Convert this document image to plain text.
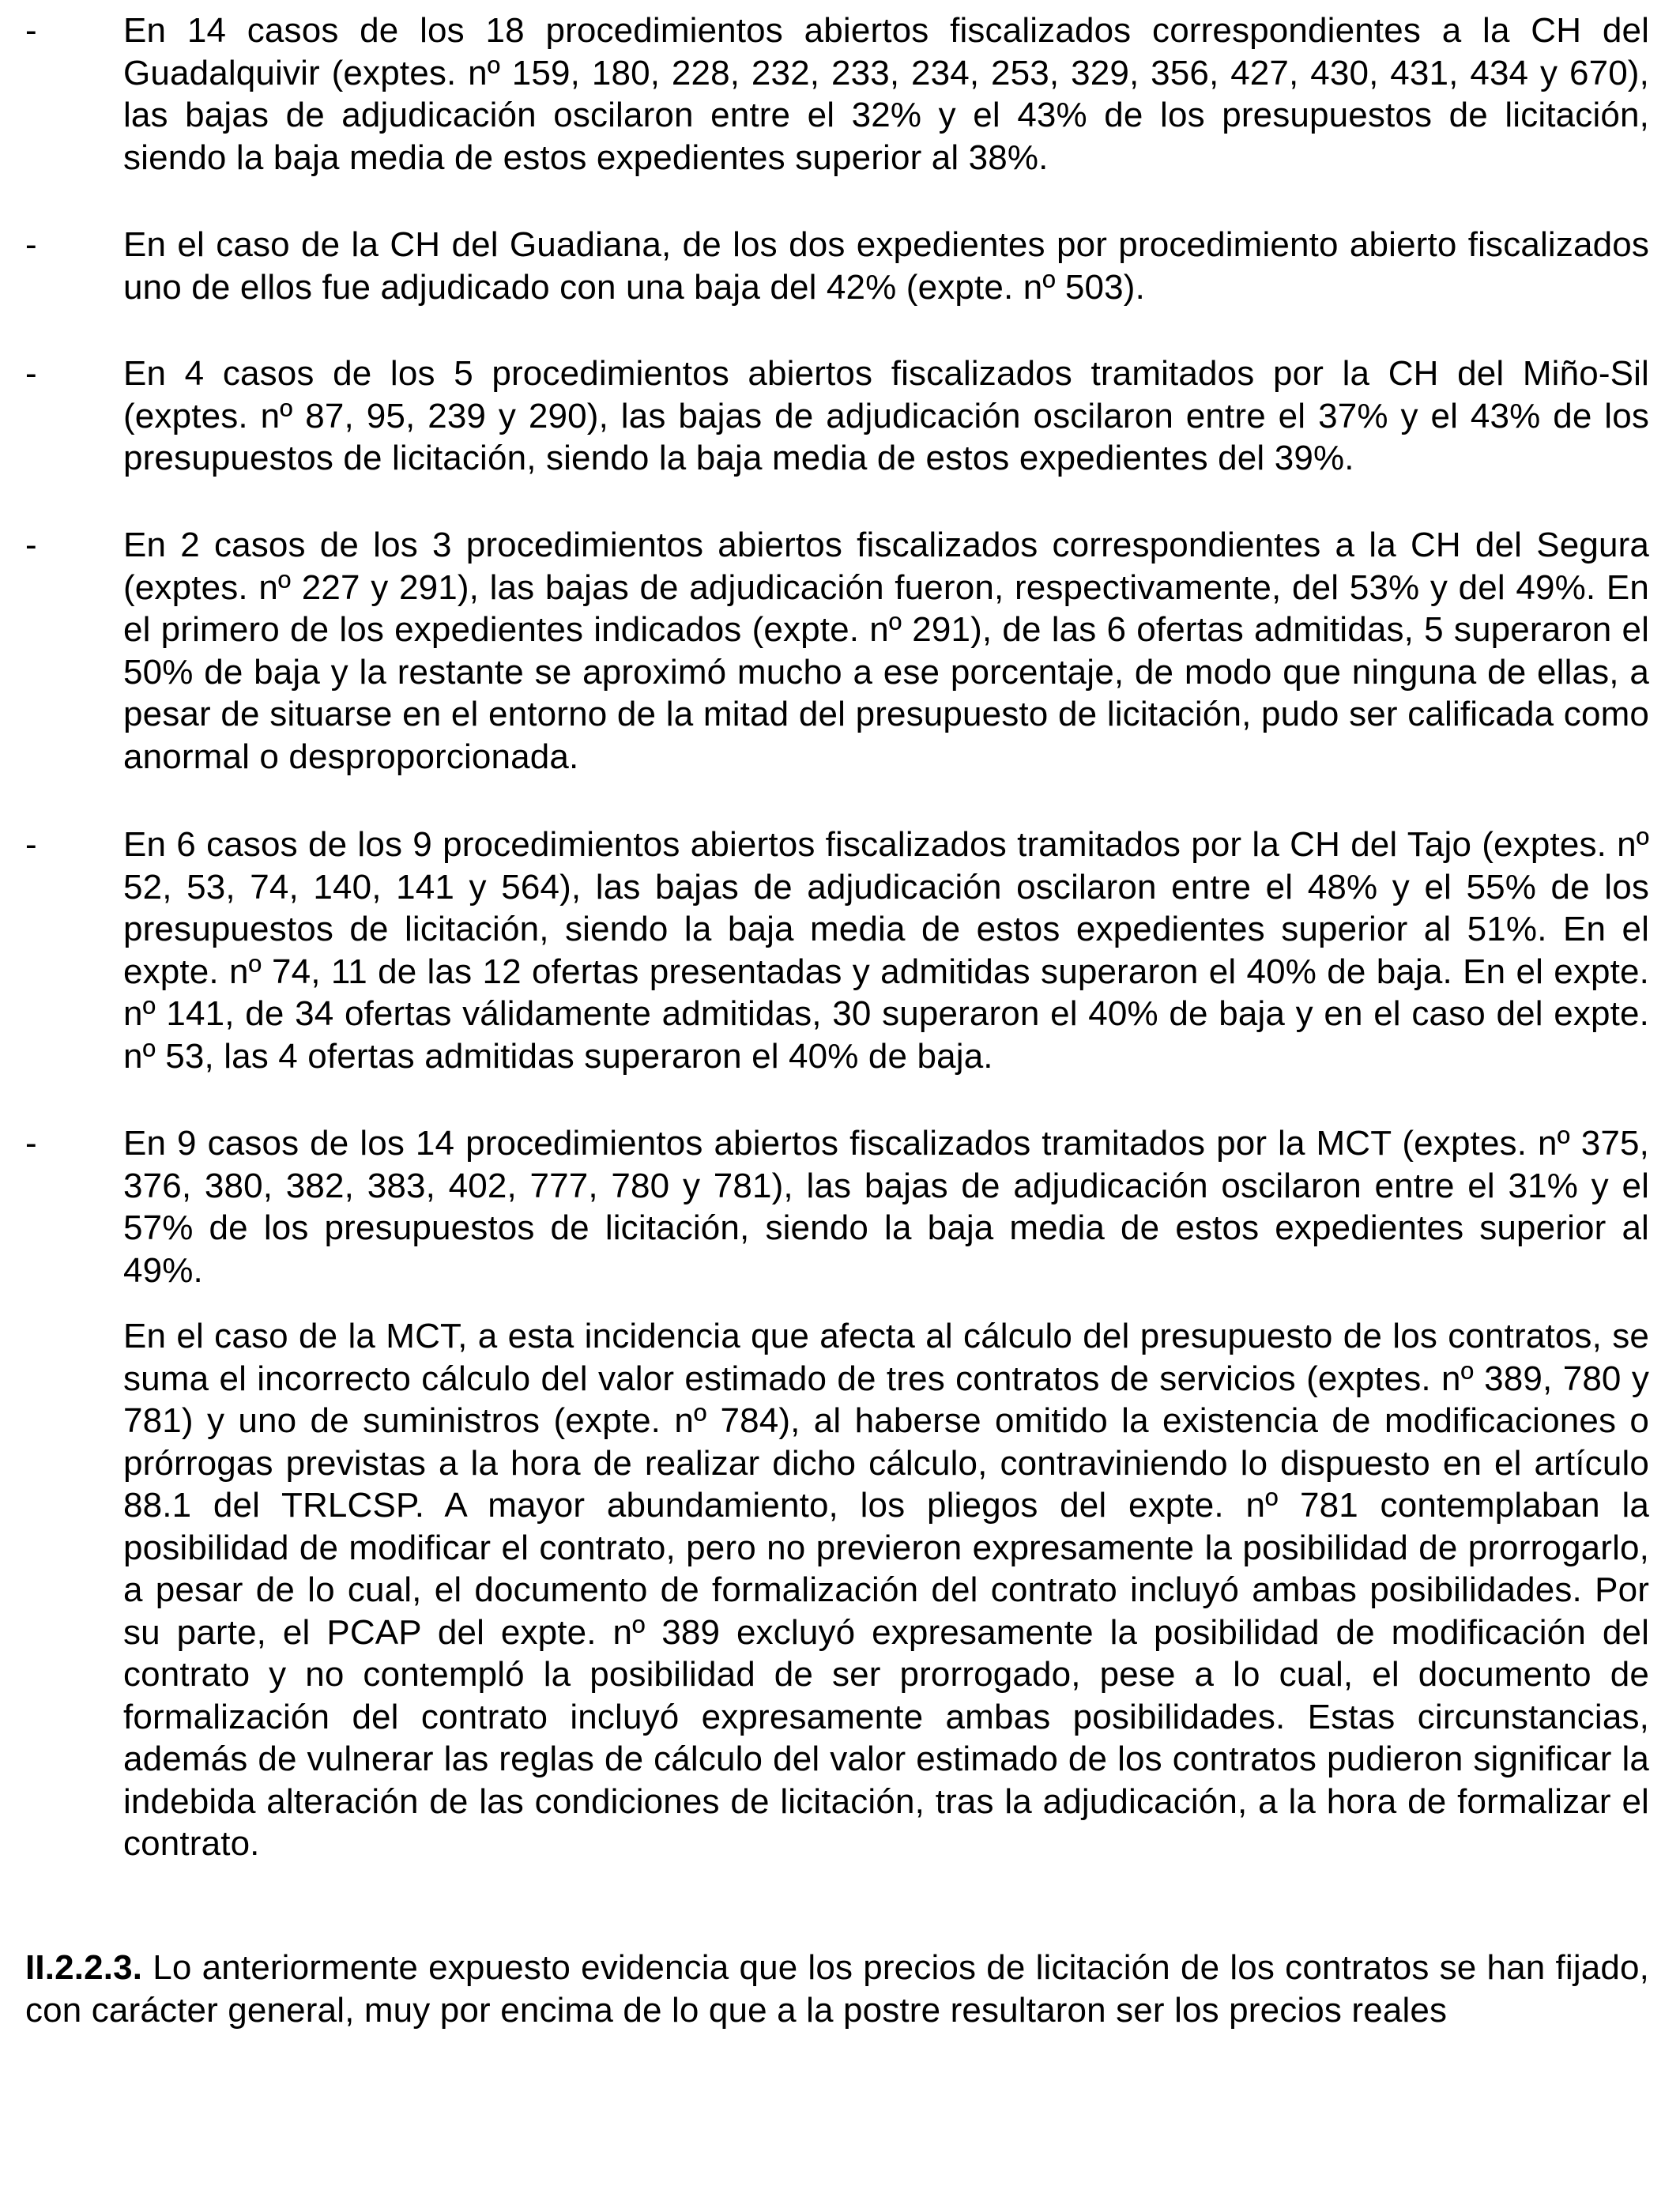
- En 14 casos de los 18 procedimientos abiertos fiscalizados correspondientes a la CH del Guadalquivir (exptes. nº 159, 180, 228, 232, 233, 234, 253, 329, 356, 427, 430, 431, 434 y 670), las bajas de adjudicación oscilaron entre el 32% y el 43% de los presupuestos de licitación, siendo la baja media de estos expedientes superior al 38%.

- En el caso de la CH del Guadiana, de los dos expedientes por procedimiento abierto fiscalizados uno de ellos fue adjudicado con una baja del 42% (expte. nº 503).

- En 4 casos de los 5 procedimientos abiertos fiscalizados tramitados por la CH del Miño-Sil (exptes. nº 87, 95, 239 y 290), las bajas de adjudicación oscilaron entre el 37% y el 43% de los presupuestos de licitación, siendo la baja media de estos expedientes del 39%.

- En 2 casos de los 3 procedimientos abiertos fiscalizados correspondientes a la CH del Segura (exptes. nº 227 y 291), las bajas de adjudicación fueron, respectivamente, del 53% y del 49%. En el primero de los expedientes indicados (expte. nº 291), de las 6 ofertas admitidas, 5 superaron el 50% de baja y la restante se aproximó mucho a ese porcentaje, de modo que ninguna de ellas, a pesar de situarse en el entorno de la mitad del presupuesto de licitación, pudo ser calificada como anormal o desproporcionada.

- En 6 casos de los 9 procedimientos abiertos fiscalizados tramitados por la CH del Tajo (exptes. nº 52, 53, 74, 140, 141 y 564), las bajas de adjudicación oscilaron entre el 48% y el 55% de los presupuestos de licitación, siendo la baja media de estos expedientes superior al 51%. En el expte. nº 74, 11 de las 12 ofertas presentadas y admitidas superaron el 40% de baja. En el expte. nº 141, de 34 ofertas válidamente admitidas, 30 superaron el 40% de baja y en el caso del expte. nº 53, las 4 ofertas admitidas superaron el 40% de baja.

- En 9 casos de los 14 procedimientos abiertos fiscalizados tramitados por la MCT (exptes. nº 375, 376, 380, 382, 383, 402, 777, 780 y 781), las bajas de adjudicación oscilaron entre el 31% y el 57% de los presupuestos de licitación, siendo la baja media de estos expedientes superior al 49%.

En el caso de la MCT, a esta incidencia que afecta al cálculo del presupuesto de los contratos, se suma el incorrecto cálculo del valor estimado de tres contratos de servicios (exptes. nº 389, 780 y 781) y uno de suministros (expte. nº 784), al haberse omitido la existencia de modificaciones o prórrogas previstas a la hora de realizar dicho cálculo, contraviniendo lo dispuesto en el artículo 88.1 del TRLCSP. A mayor abundamiento, los pliegos del expte. nº 781 contemplaban la posibilidad de modificar el contrato, pero no previeron expresamente la posibilidad de prorrogarlo, a pesar de lo cual, el documento de formalización del contrato incluyó ambas posibilidades. Por su parte, el PCAP del expte. nº 389 excluyó expresamente la posibilidad de modificación del contrato y no contempló la posibilidad de ser prorrogado, pese a lo cual, el documento de formalización del contrato incluyó expresamente ambas posibilidades. Estas circunstancias, además de vulnerar las reglas de cálculo del valor estimado de los contratos pudieron significar la indebida alteración de las condiciones de licitación, tras la adjudicación, a la hora de formalizar el contrato.

II.2.2.3. Lo anteriormente expuesto evidencia que los precios de licitación de los contratos se han fijado, con carácter general, muy por encima de lo que a la postre resultaron ser los precios reales
